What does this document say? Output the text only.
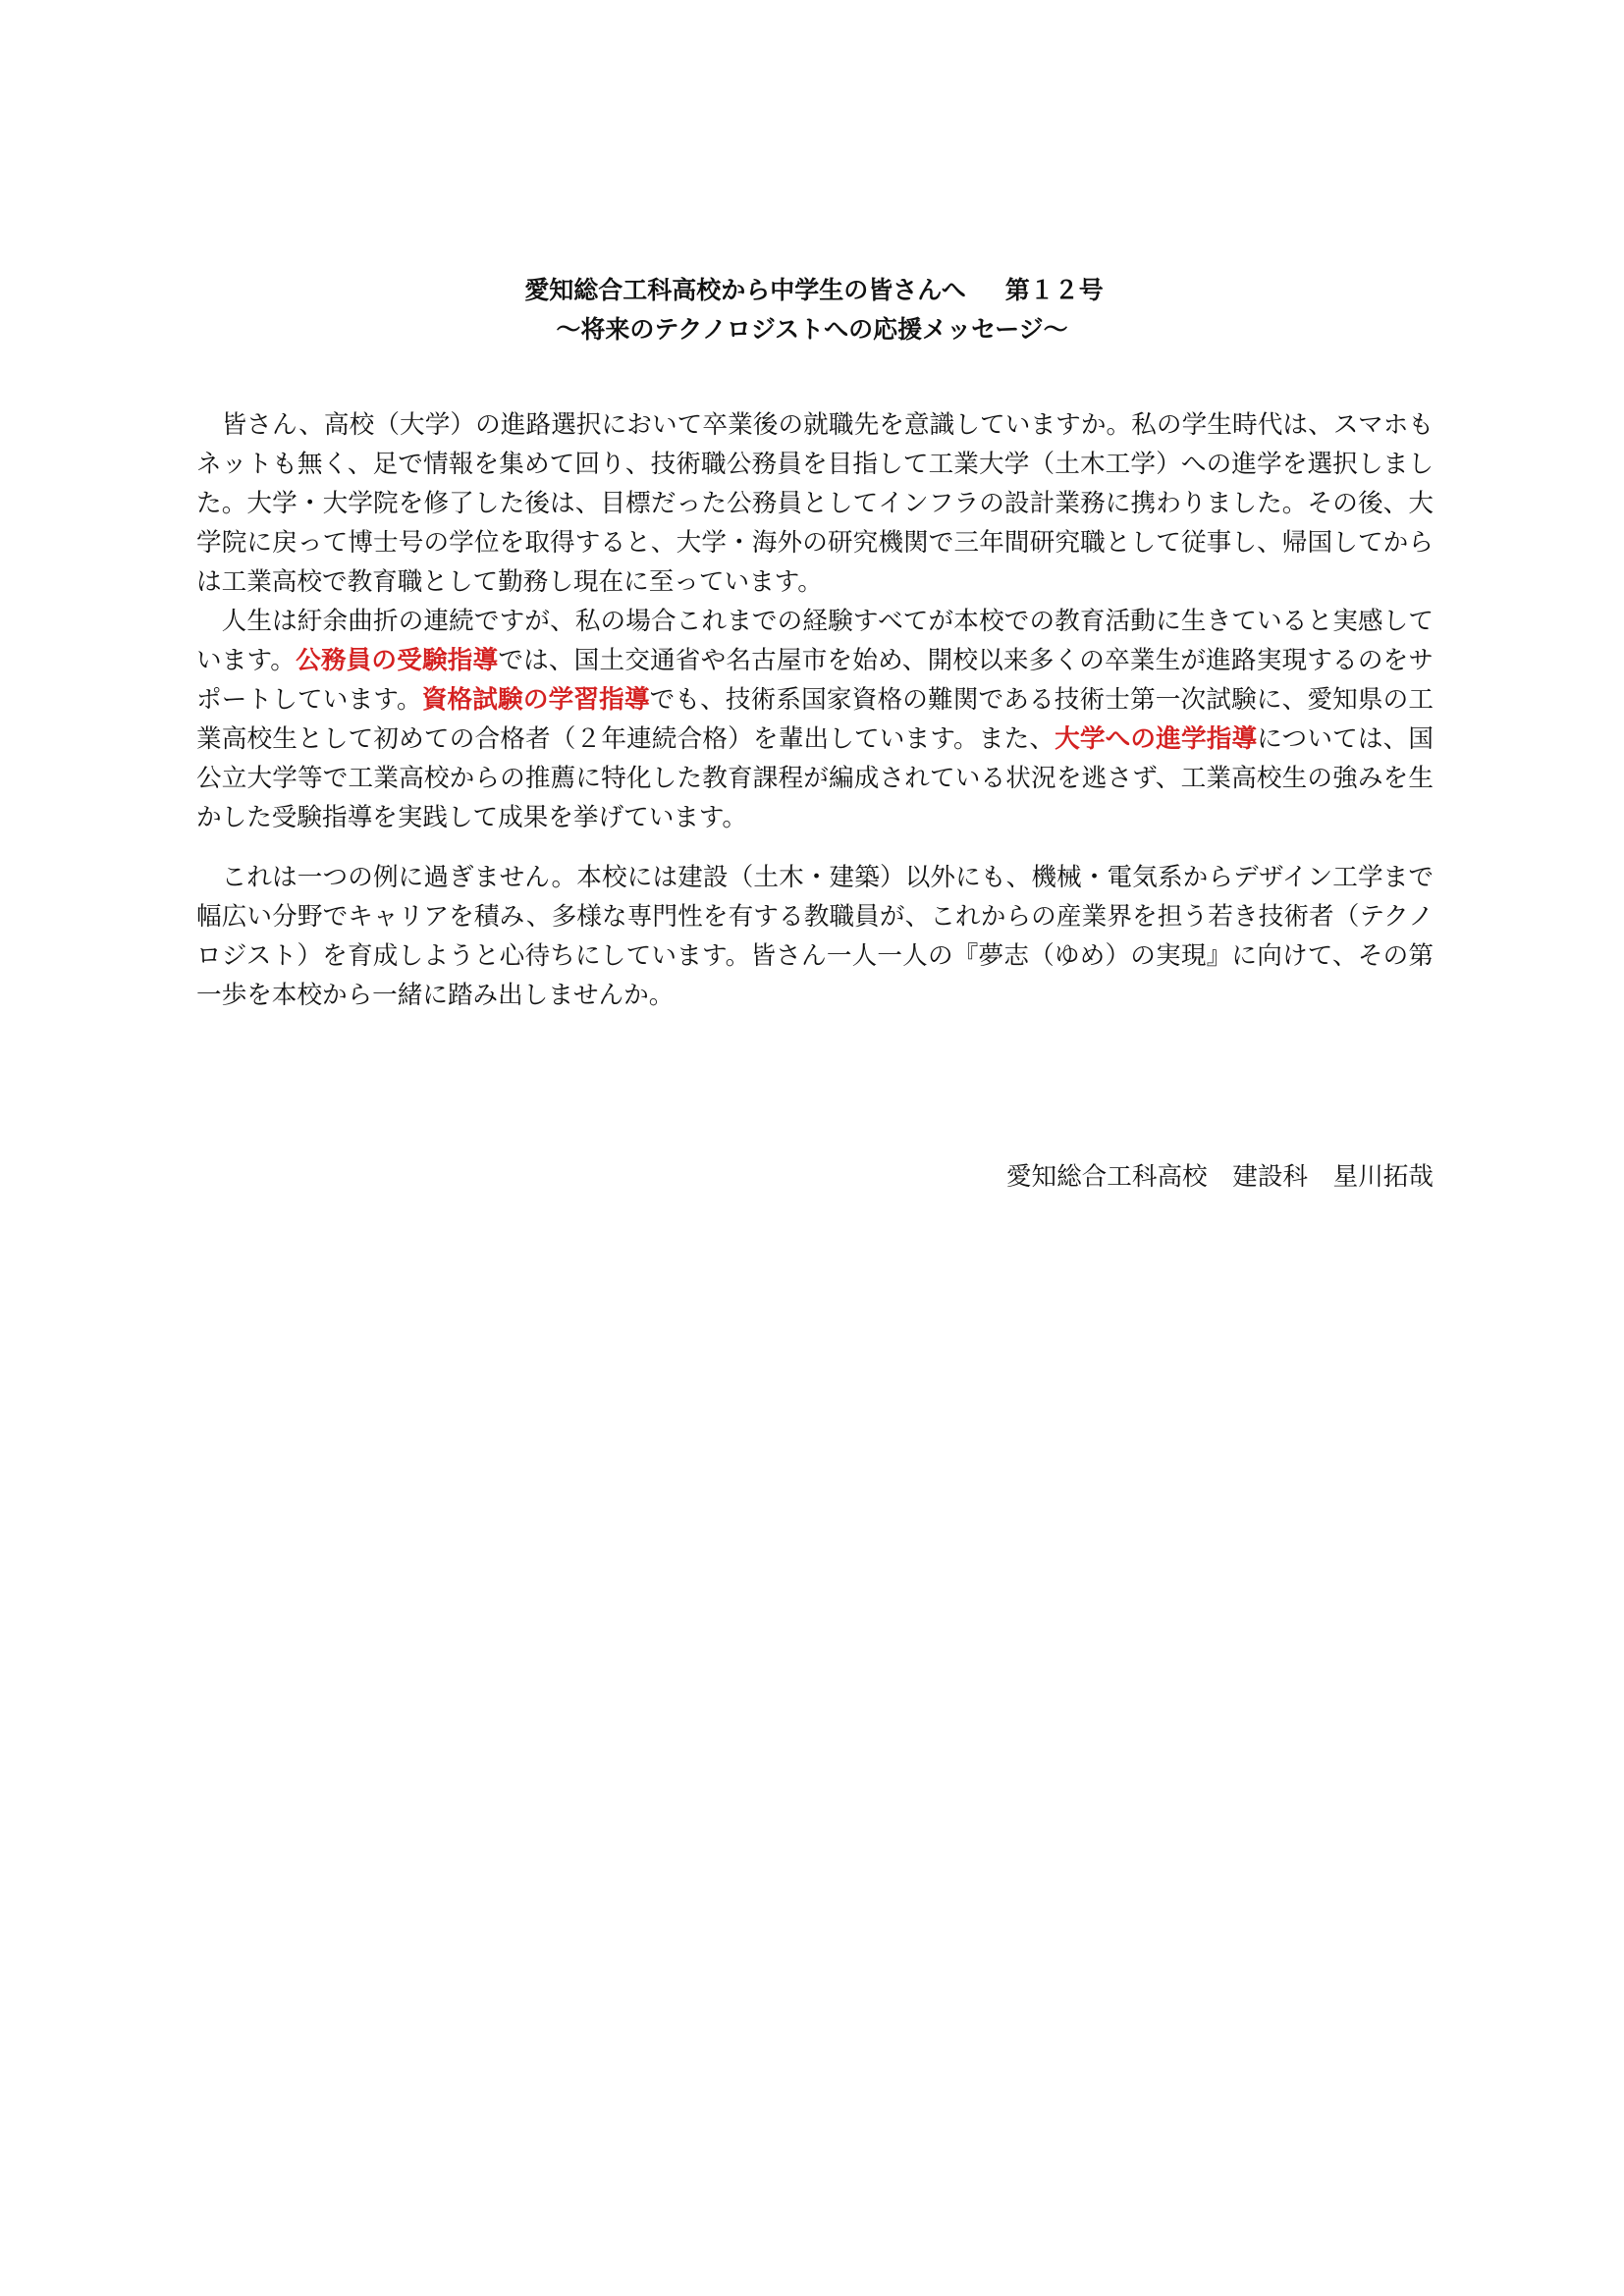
愛知総合工科高校から中学生の皆さんへ 第１２号
～将来のテクノロジストへの応援メッセージ～

皆さん、高校（大学）の進路選択において卒業後の就職先を意識していますか。私の学生時代は、スマホもネットも無く、足で情報を集めて回り、技術職公務員を目指して工業大学（土木工学）への進学を選択しました。大学・大学院を修了した後は、目標だった公務員としてインフラの設計業務に携わりました。その後、大学院に戻って博士号の学位を取得すると、大学・海外の研究機関で三年間研究職として従事し、帰国してからは工業高校で教育職として勤務し現在に至っています。

人生は紆余曲折の連続ですが、私の場合これまでの経験すべてが本校での教育活動に生きていると実感しています。公務員の受験指導では、国土交通省や名古屋市を始め、開校以来多くの卒業生が進路実現するのをサポートしています。資格試験の学習指導でも、技術系国家資格の難関である技術士第一次試験に、愛知県の工業高校生として初めての合格者（２年連続合格）を輩出しています。また、大学への進学指導については、国公立大学等で工業高校からの推薦に特化した教育課程が編成されている状況を逃さず、工業高校生の強みを生かした受験指導を実践して成果を挙げています。

これは一つの例に過ぎません。本校には建設（土木・建築）以外にも、機械・電気系からデザイン工学まで幅広い分野でキャリアを積み、多様な専門性を有する教職員が、これからの産業界を担う若き技術者（テクノロジスト）を育成しようと心待ちにしています。皆さん一人一人の『夢志（ゆめ）の実現』に向けて、その第一歩を本校から一緒に踏み出しませんか。

愛知総合工科高校　建設科　星川拓哉
